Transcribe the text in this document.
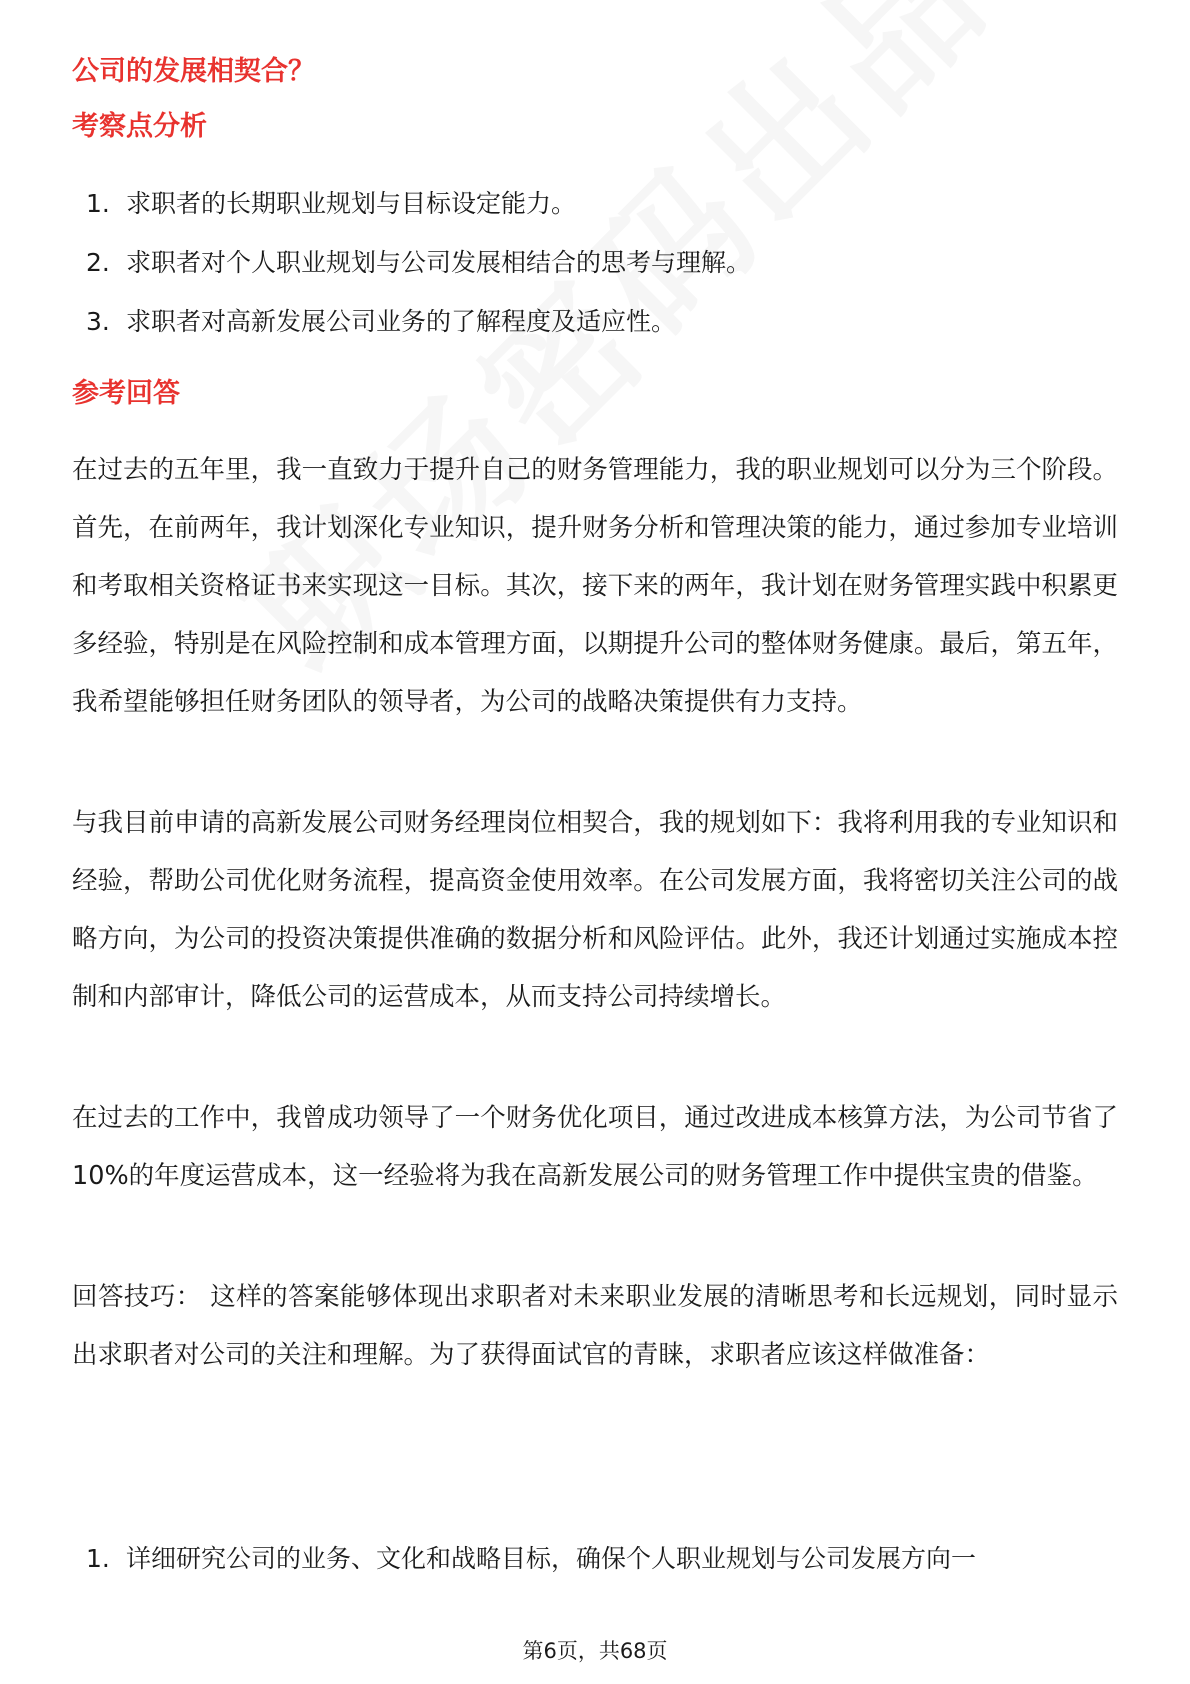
公司的发展相契合？
考察点分析
1. 求职者的长期职业规划与目标设定能力。
2. 求职者对个人职业规划与公司发展相结合的思考与理解。
3. 求职者对高新发展公司业务的了解程度及适应性。
参考回答

在过去的五年里，我一直致力于提升自己的财务管理能力，我的职业规划可以分为三个阶段。首先，在前两年，我计划深化专业知识，提升财务分析和管理决策的能力，通过参加专业培训和考取相关资格证书来实现这一目标。其次，接下来的两年，我计划在财务管理实践中积累更多经验，特别是在风险控制和成本管理方面，以期提升公司的整体财务健康。最后，第五年，我希望能够担任财务团队的领导者，为公司的战略决策提供有力支持。

与我目前申请的高新发展公司财务经理岗位相契合，我的规划如下：我将利用我的专业知识和经验，帮助公司优化财务流程，提高资金使用效率。在公司发展方面，我将密切关注公司的战略方向，为公司的投资决策提供准确的数据分析和风险评估。此外，我还计划通过实施成本控制和内部审计，降低公司的运营成本，从而支持公司持续增长。

在过去的工作中，我曾成功领导了一个财务优化项目，通过改进成本核算方法，为公司节省了10%的年度运营成本，这一经验将为我在高新发展公司的财务管理工作中提供宝贵的借鉴。

回答技巧： 这样的答案能够体现出求职者对未来职业发展的清晰思考和长远规划，同时显示出求职者对公司的关注和理解。为了获得面试官的青睐，求职者应该这样做准备：

1. 详细研究公司的业务、文化和战略目标，确保个人职业规划与公司发展方向一
第6页，共68页
